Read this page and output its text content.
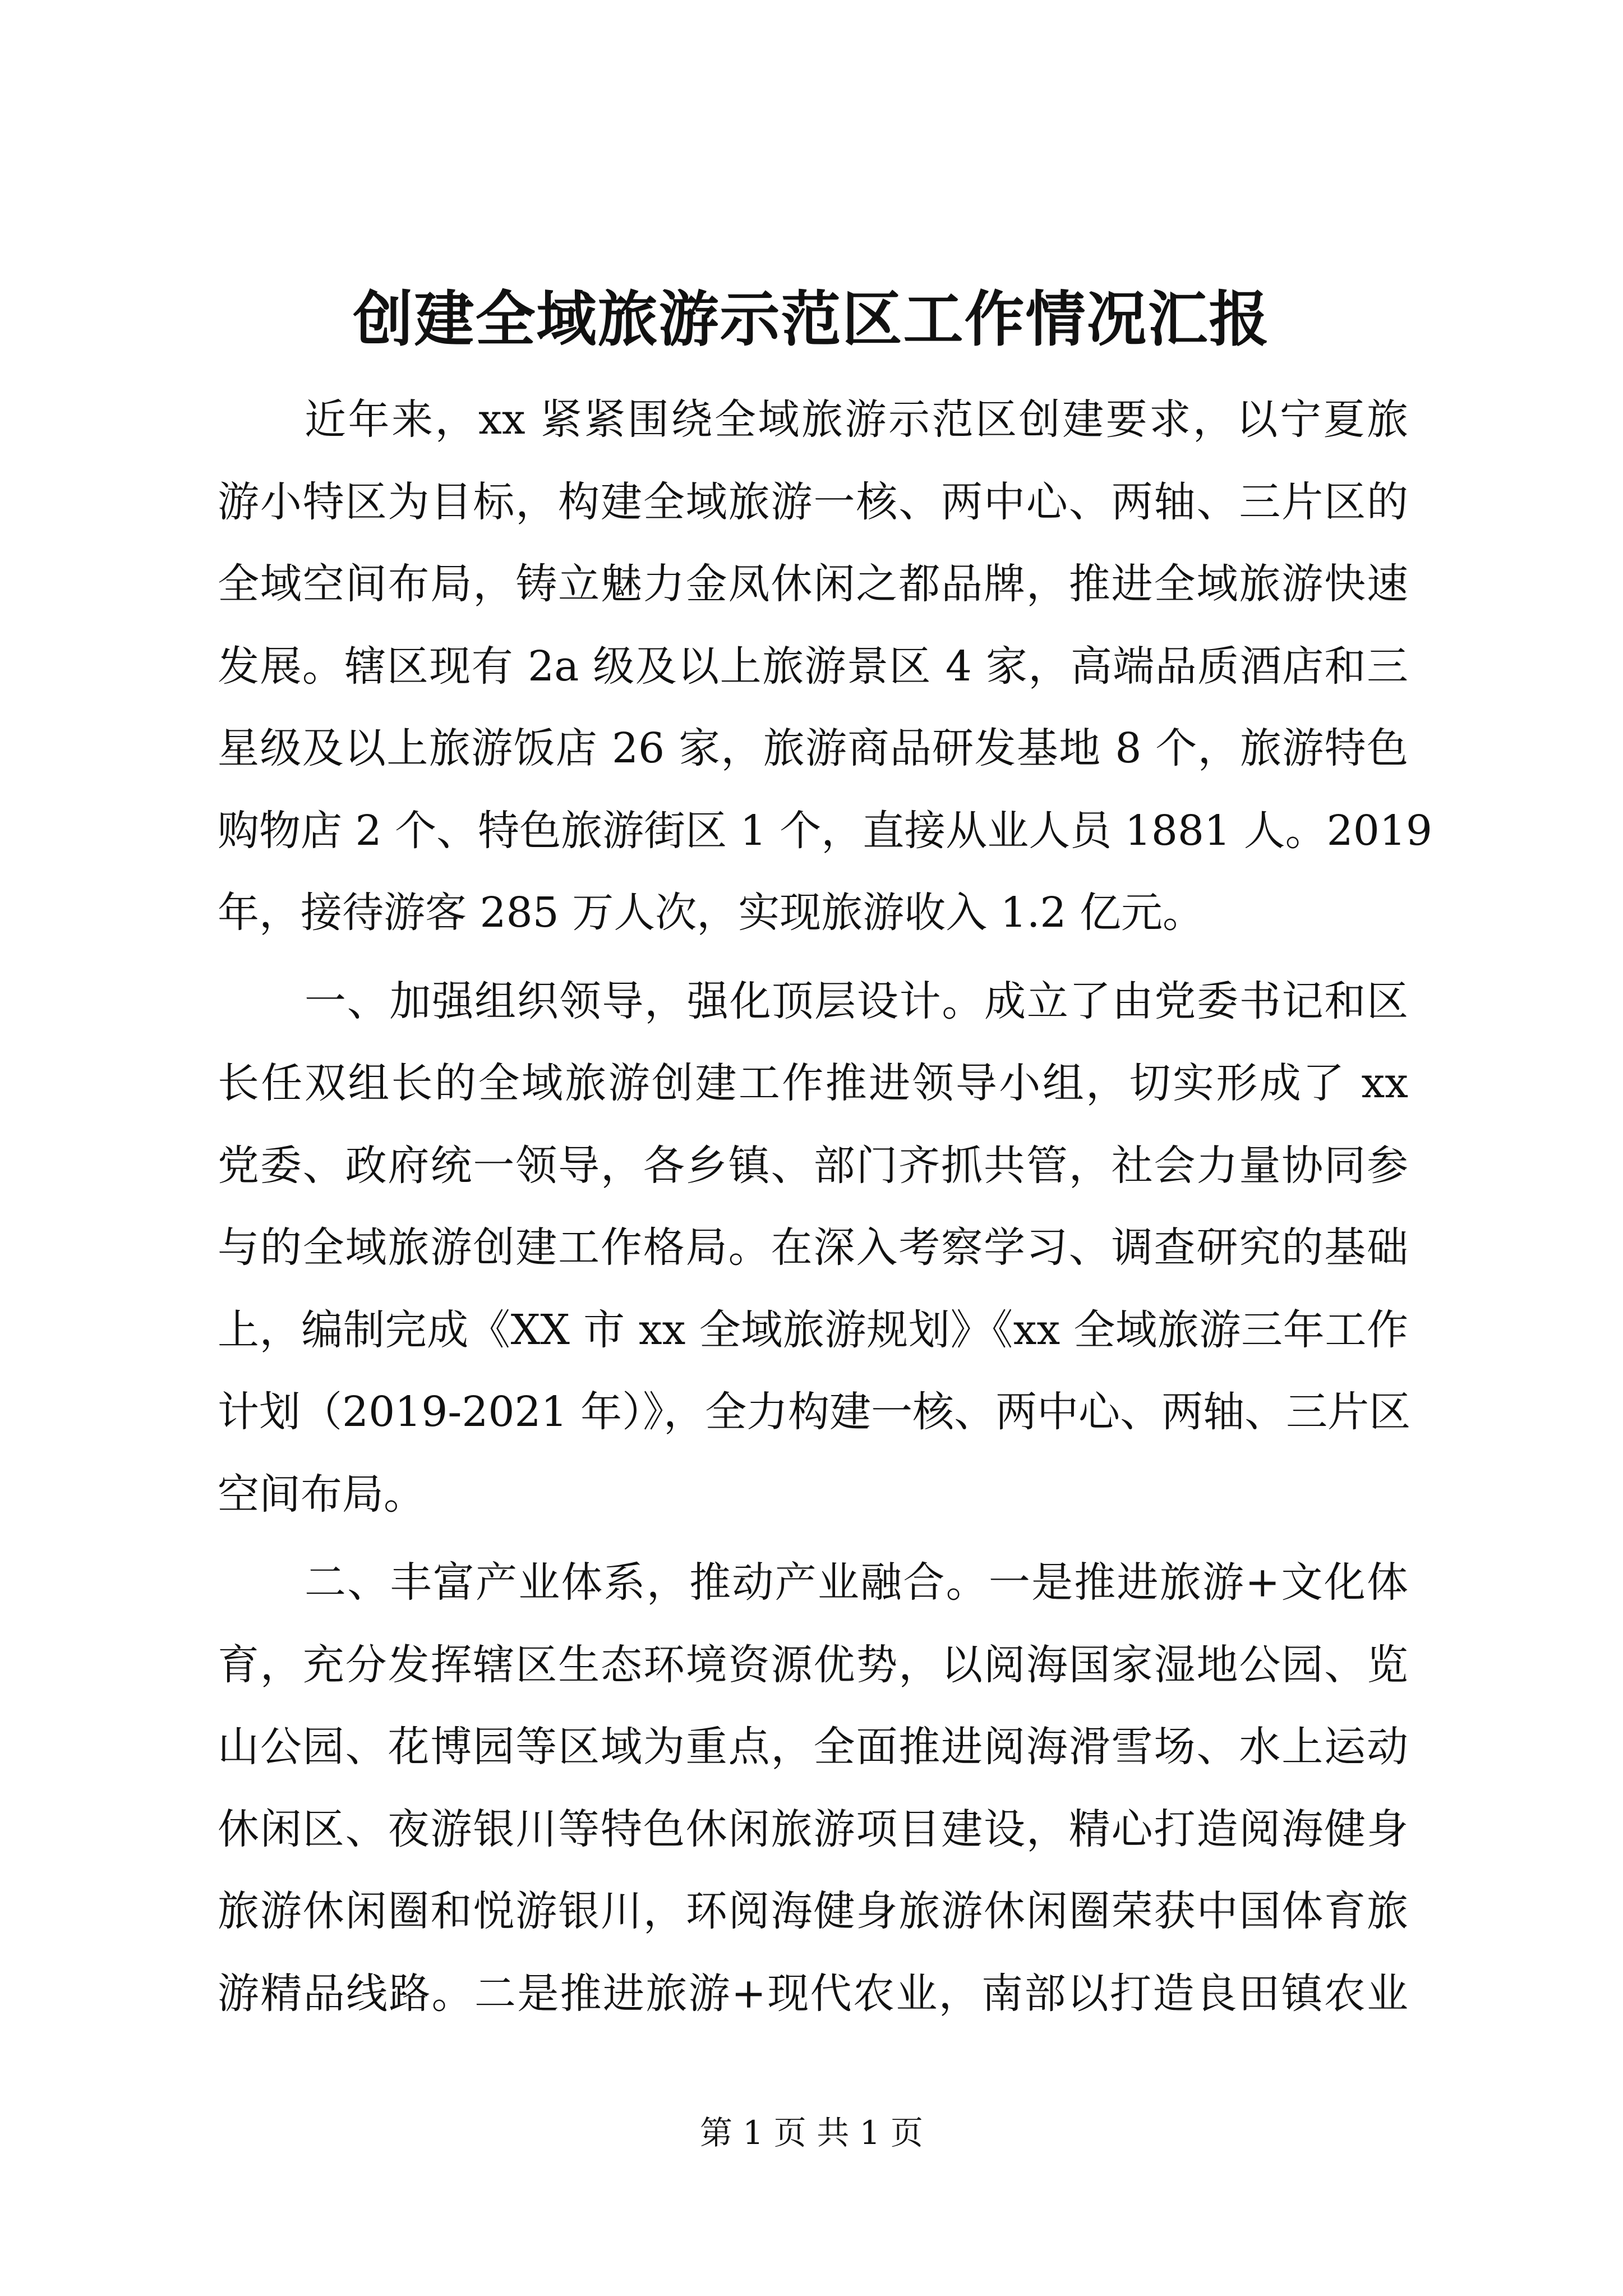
创建全域旅游示范区工作情况汇报
近年来，xx 紧紧围绕全域旅游示范区创建要求，以宁夏旅
游小特区为目标，构建全域旅游一核、两中心、两轴、三片区的
全域空间布局，铸立魅力金凤休闲之都品牌，推进全域旅游快速
发展。辖区现有 2a 级及以上旅游景区 4 家，高端品质酒店和三
星级及以上旅游饭店 26 家，旅游商品研发基地 8 个，旅游特色
购物店 2 个、特色旅游街区 1 个，直接从业人员 1881 人。2019
年，接待游客 285 万人次，实现旅游收入 1.2 亿元。
一、加强组织领导，强化顶层设计。成立了由党委书记和区
长任双组长的全域旅游创建工作推进领导小组，切实形成了 xx
党委、政府统一领导，各乡镇、部门齐抓共管，社会力量协同参
与的全域旅游创建工作格局。在深入考察学习、调查研究的基础
上，编制完成《XX 市 xx 全域旅游规划》《xx 全域旅游三年工作
计划（2019-2021 年）》，全力构建一核、两中心、两轴、三片区
空间布局。
二、丰富产业体系，推动产业融合。一是推进旅游+文化体
育，充分发挥辖区生态环境资源优势，以阅海国家湿地公园、览
山公园、花博园等区域为重点，全面推进阅海滑雪场、水上运动
休闲区、夜游银川等特色休闲旅游项目建设，精心打造阅海健身
旅游休闲圈和悦游银川，环阅海健身旅游休闲圈荣获中国体育旅
游精品线路。二是推进旅游+现代农业，南部以打造良田镇农业
第 1 页 共 1 页
